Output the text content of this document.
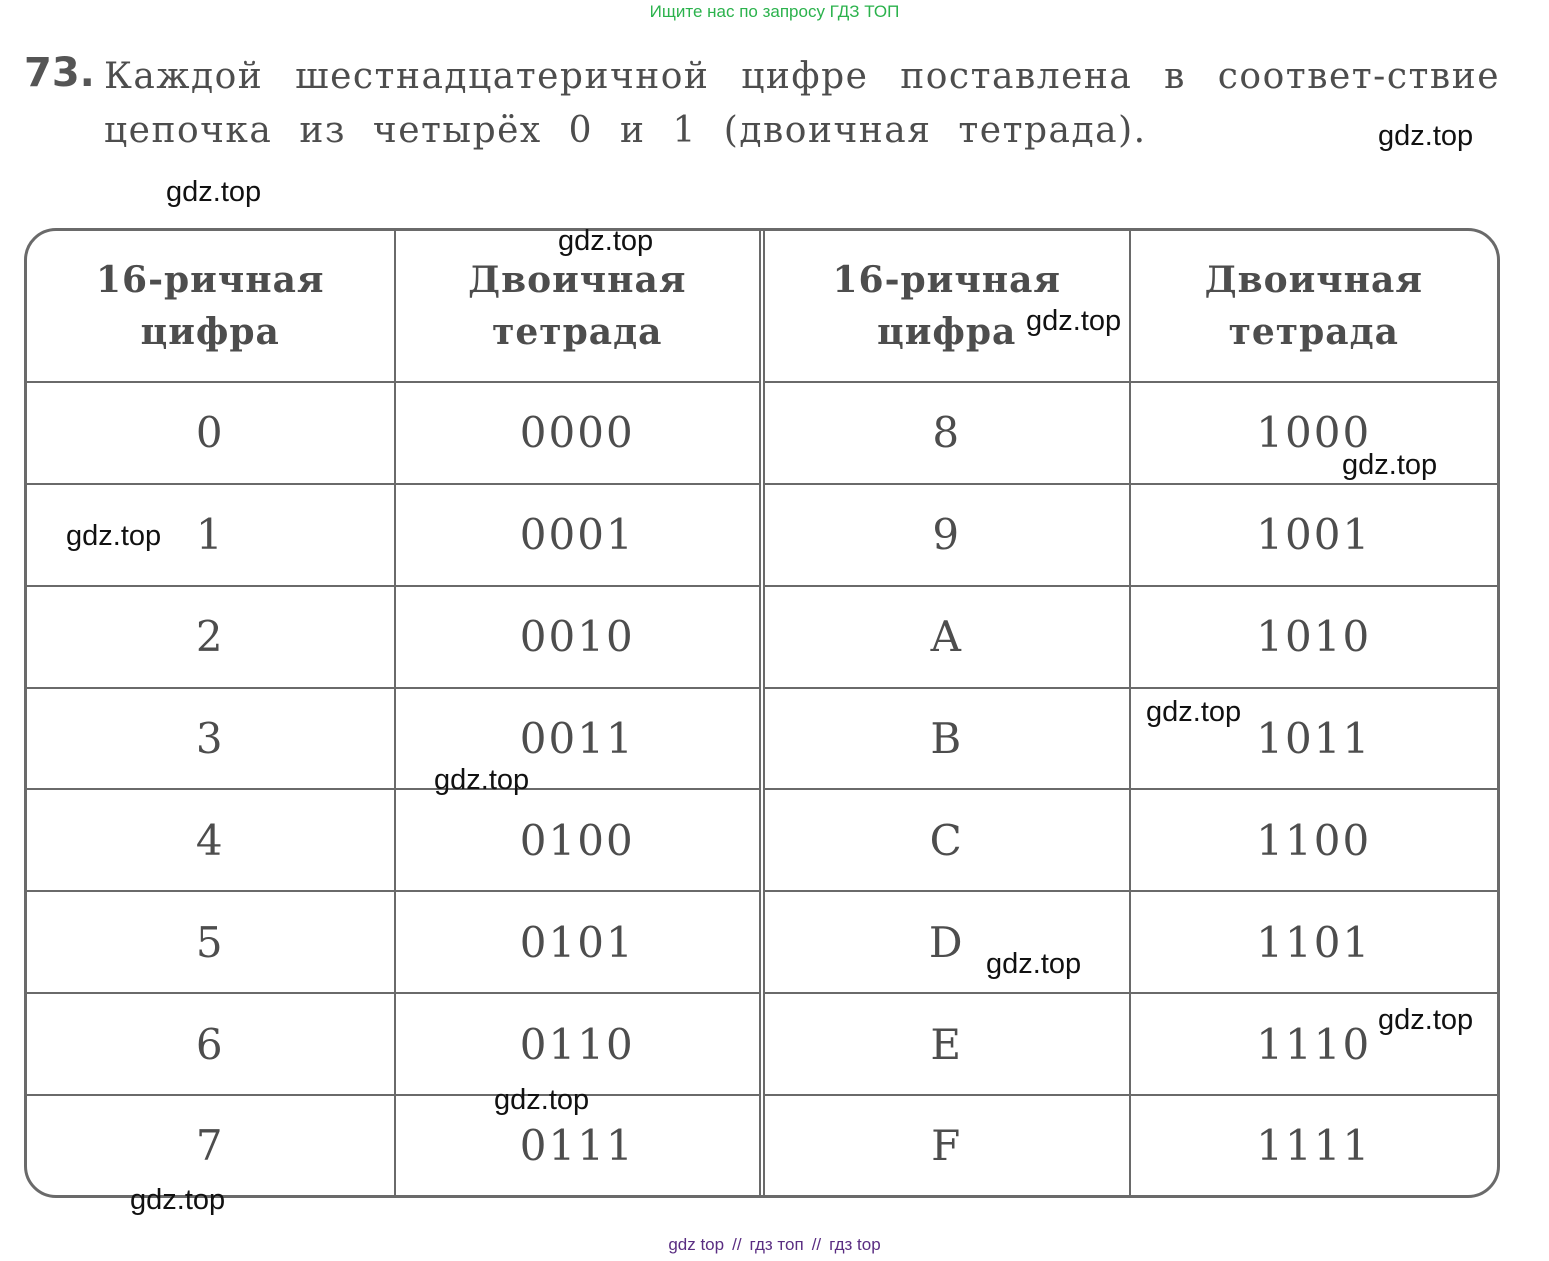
Ищите нас по запросу ГДЗ ТОП
73. Каждой шестнадцатеричной цифре поставлена в соответ-ствие цепочка из четырёх 0 и 1 (двоичная тетрада).
16-ричная цифра	Двоичная тетрада	16-ричная цифра	Двоичная тетрада
0	0000	8	1000
1	0001	9	1001
2	0010	A	1010
3	0011	B	1011
4	0100	C	1100
5	0101	D	1101
6	0110	E	1110
7	0111	F	1111
gdz.top
gdz.top
gdz.top
gdz.top
gdz.top
gdz.top
gdz.top
gdz.top
gdz.top
gdz.top
gdz.top
gdz.top
gdz top // гдз топ // гдз top
